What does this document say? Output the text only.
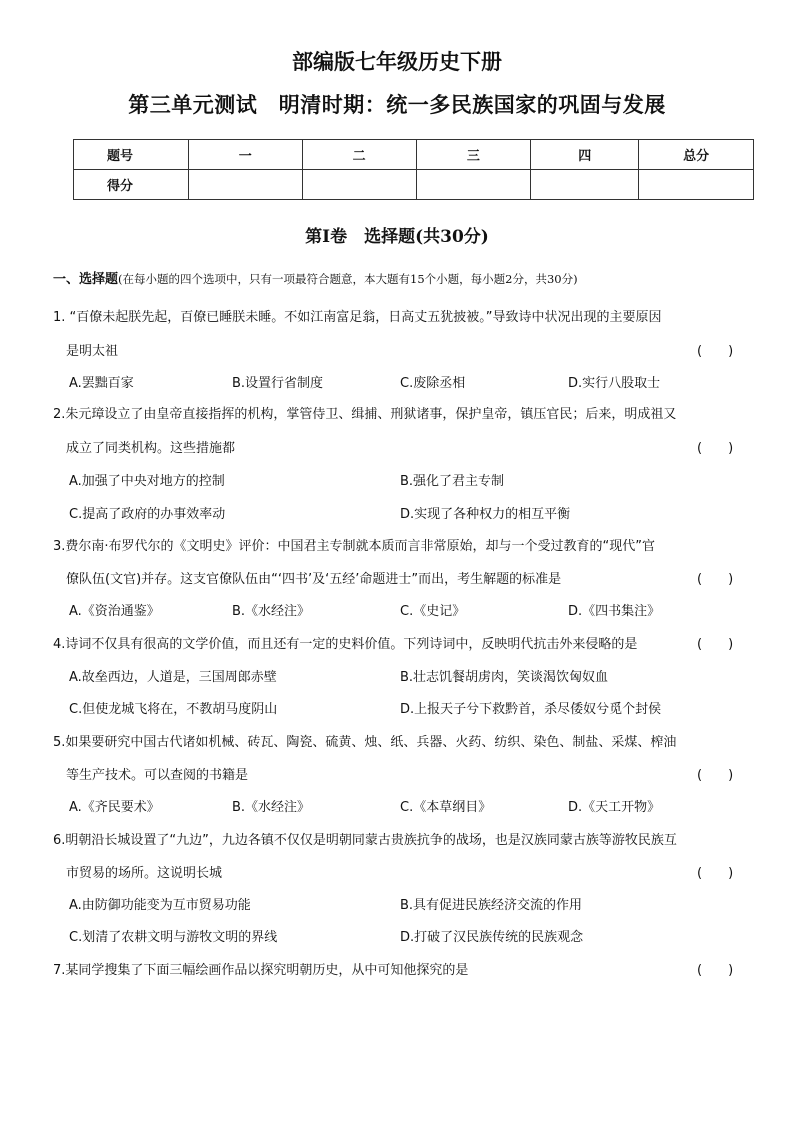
部编版七年级历史下册
第三单元测试　明清时期：统一多民族国家的巩固与发展
题号	一	二	三	四	总分
得分					
第Ⅰ卷　选择题(共30分)
一、选择题(在每小题的四个选项中，只有一项最符合题意，本大题有15个小题，每小题2分，共30分)
1. “百僚未起朕先起，百僚已睡朕未睡。不如江南富足翁，日高丈五犹披被。”导致诗中状况出现的主要原因
是明太祖	(　　)
A.罢黜百家	B.设置行省制度	C.废除丞相	D.实行八股取士
2.朱元璋设立了由皇帝直接指挥的机构，掌管侍卫、缉捕、刑狱诸事，保护皇帝，镇压官民；后来，明成祖又
成立了同类机构。这些措施都	(　　)
A.加强了中央对地方的控制	B.强化了君主专制
C.提高了政府的办事效率动	D.实现了各种权力的相互平衡
3.费尔南·布罗代尔的《文明史》评价：中国君主专制就本质而言非常原始，却与一个受过教育的“现代”官
僚队伍(文官)并存。这支官僚队伍由“‘四书’及‘五经’命题进士”而出，考生解题的标准是	(　　)
A.《资治通鉴》	B.《水经注》	C.《史记》	D.《四书集注》
4.诗词不仅具有很高的文学价值，而且还有一定的史料价值。下列诗词中，反映明代抗击外来侵略的是	(　　)
A.故垒西边，人道是，三国周郎赤壁	B.壮志饥餐胡虏肉，笑谈渴饮匈奴血
C.但使龙城飞将在，不教胡马度阴山	D.上报天子兮下救黔首，杀尽倭奴兮觅个封侯
5.如果要研究中国古代诸如机械、砖瓦、陶瓷、硫黄、烛、纸、兵器、火药、纺织、染色、制盐、采煤、榨油
等生产技术。可以查阅的书籍是	(　　)
A.《齐民要术》	B.《水经注》	C.《本草纲目》	D.《天工开物》
6.明朝沿长城设置了“九边”，九边各镇不仅仅是明朝同蒙古贵族抗争的战场，也是汉族同蒙古族等游牧民族互
市贸易的场所。这说明长城	(　　)
A.由防御功能变为互市贸易功能	B.具有促进民族经济交流的作用
C.划清了农耕文明与游牧文明的界线	D.打破了汉民族传统的民族观念
7.某同学搜集了下面三幅绘画作品以探究明朝历史，从中可知他探究的是	(　　)
